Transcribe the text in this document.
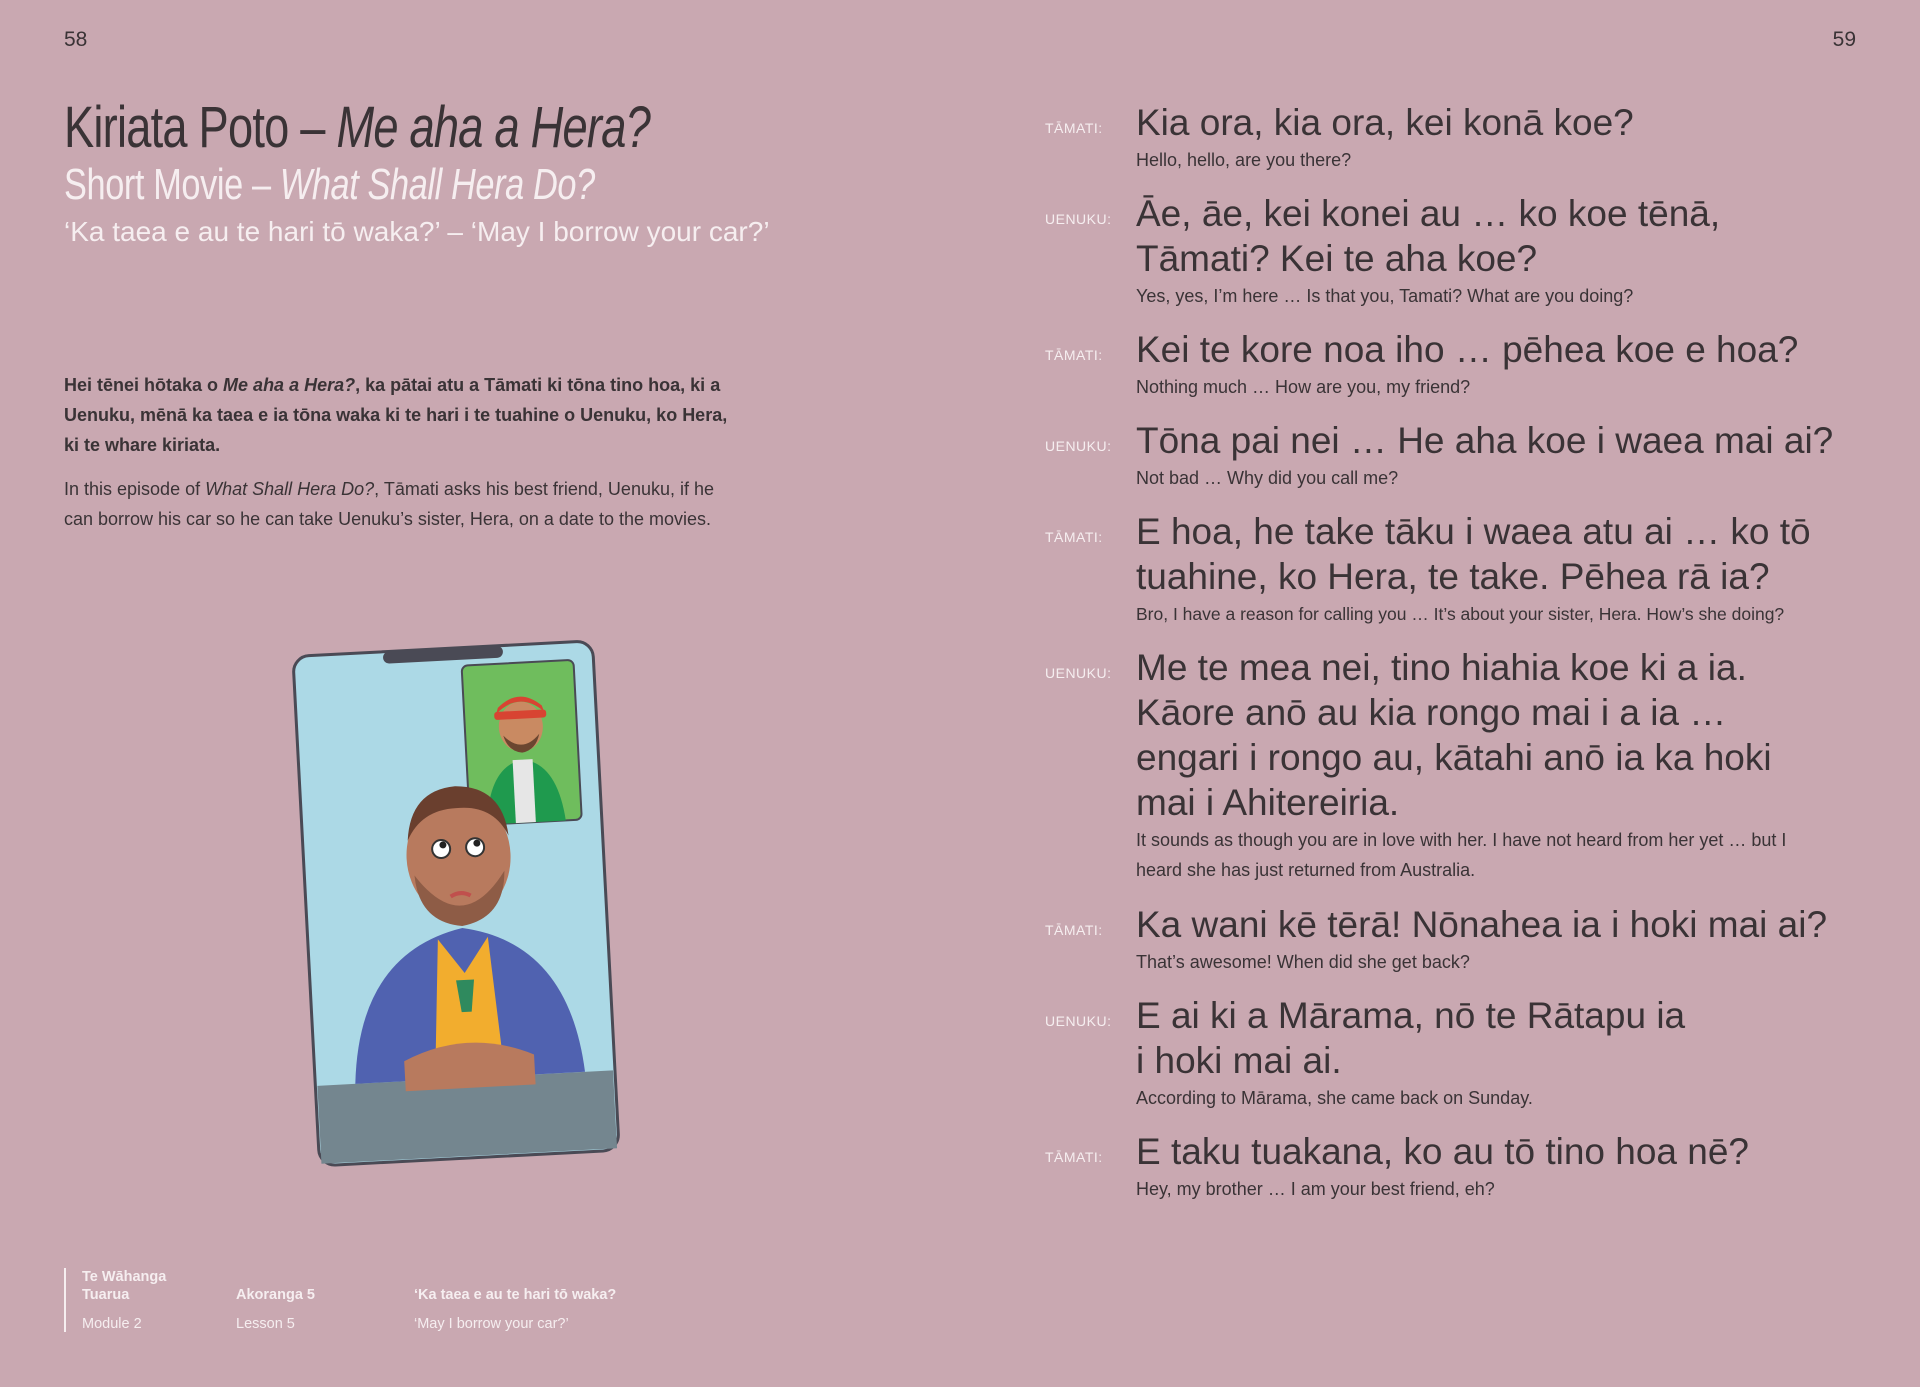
58	59
Kiriata Poto – Me aha a Hera?
Short Movie – What Shall Hera Do?
‘Ka taea e au te hari tō waka?’ – ‘May I borrow your car?’

Hei tēnei hōtaka o Me aha a Hera?, ka pātai atu a Tāmati ki tōna tino hoa, ki a Uenuku, mēnā ka taea e ia tōna waka ki te hari i te tuahine o Uenuku, ko Hera, ki te whare kiriata.

In this episode of What Shall Hera Do?, Tāmati asks his best friend, Uenuku, if he can borrow his car so he can take Uenuku’s sister, Hera, on a date to the movies.

Te Wāhanga Tuarua
Module 2
Akoranga 5
Lesson 5
‘Ka taea e au te hari tō waka?
‘May I borrow your car?’
TĀMATI: Kia ora, kia ora, kei konā koe?
Hello, hello, are you there?
UENUKU: Āe, āe, kei konei au … ko koe tēnā, Tāmati? Kei te aha koe?
Yes, yes, I’m here … Is that you, Tamati? What are you doing?
TĀMATI: Kei te kore noa iho … pēhea koe e hoa?
Nothing much … How are you, my friend?
UENUKU: Tōna pai nei … He aha koe i waea mai ai?
Not bad … Why did you call me?
TĀMATI: E hoa, he take tāku i waea atu ai … ko tō tuahine, ko Hera, te take. Pēhea rā ia?
Bro, I have a reason for calling you … It’s about your sister, Hera. How’s she doing?
UENUKU: Me te mea nei, tino hiahia koe ki a ia. Kāore anō au kia rongo mai i a ia … engari i rongo au, kātahi anō ia ka hoki mai i Ahitereiria.
It sounds as though you are in love with her. I have not heard from her yet … but I heard she has just returned from Australia.
TĀMATI: Ka wani kē tērā! Nōnahea ia i hoki mai ai?
That’s awesome! When did she get back?
UENUKU: E ai ki a Mārama, nō te Rātapu ia i hoki mai ai.
According to Mārama, she came back on Sunday.
TĀMATI: E taku tuakana, ko au tō tino hoa nē?
Hey, my brother … I am your best friend, eh?
